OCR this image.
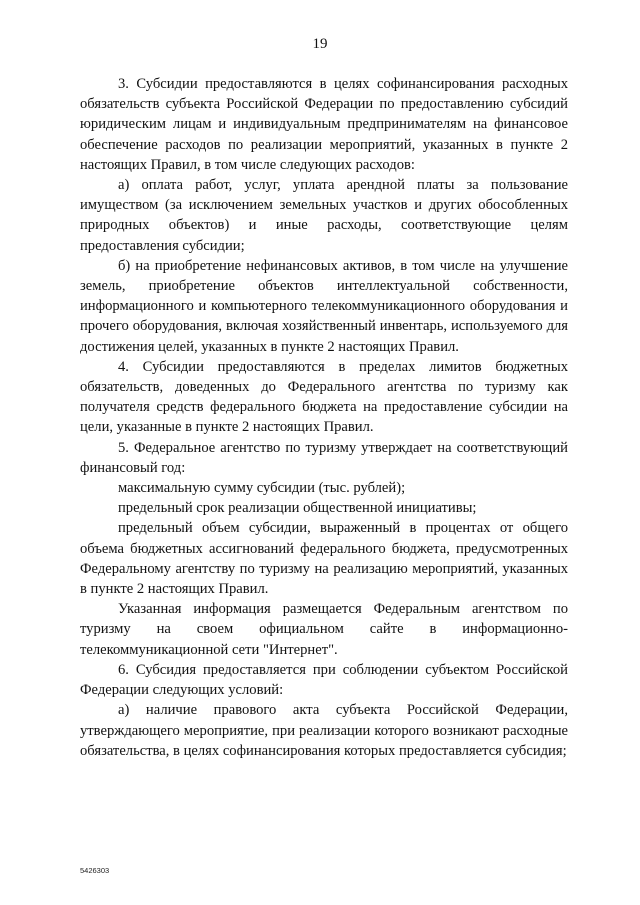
19

3. Субсидии предоставляются в целях софинансирования расходных обязательств субъекта Российской Федерации по предоставлению субсидий юридическим лицам и индивидуальным предпринимателям на финансовое обеспечение расходов по реализации мероприятий, указанных в пункте 2 настоящих Правил, в том числе следующих расходов:

а) оплата работ, услуг, уплата арендной платы за пользование имуществом (за исключением земельных участков и других обособленных природных объектов) и иные расходы, соответствующие целям предоставления субсидии;

б) на приобретение нефинансовых активов, в том числе на улучшение земель, приобретение объектов интеллектуальной собственности, информационного и компьютерного телекоммуникационного оборудования и прочего оборудования, включая хозяйственный инвентарь, используемого для достижения целей, указанных в пункте 2 настоящих Правил.

4. Субсидии предоставляются в пределах лимитов бюджетных обязательств, доведенных до Федерального агентства по туризму как получателя средств федерального бюджета на предоставление субсидии на цели, указанные в пункте 2 настоящих Правил.

5. Федеральное агентство по туризму утверждает на соответствующий финансовый год:

максимальную сумму субсидии (тыс. рублей);

предельный срок реализации общественной инициативы;

предельный объем субсидии, выраженный в процентах от общего объема бюджетных ассигнований федерального бюджета, предусмотренных Федеральному агентству по туризму на реализацию мероприятий, указанных в пункте 2 настоящих Правил.

Указанная информация размещается Федеральным агентством по туризму на своем официальном сайте в информационно-телекоммуникационной сети "Интернет".

6. Субсидия предоставляется при соблюдении субъектом Российской Федерации следующих условий:

а) наличие правового акта субъекта Российской Федерации, утверждающего мероприятие, при реализации которого возникают расходные обязательства, в целях софинансирования которых предоставляется субсидия;

5426303
